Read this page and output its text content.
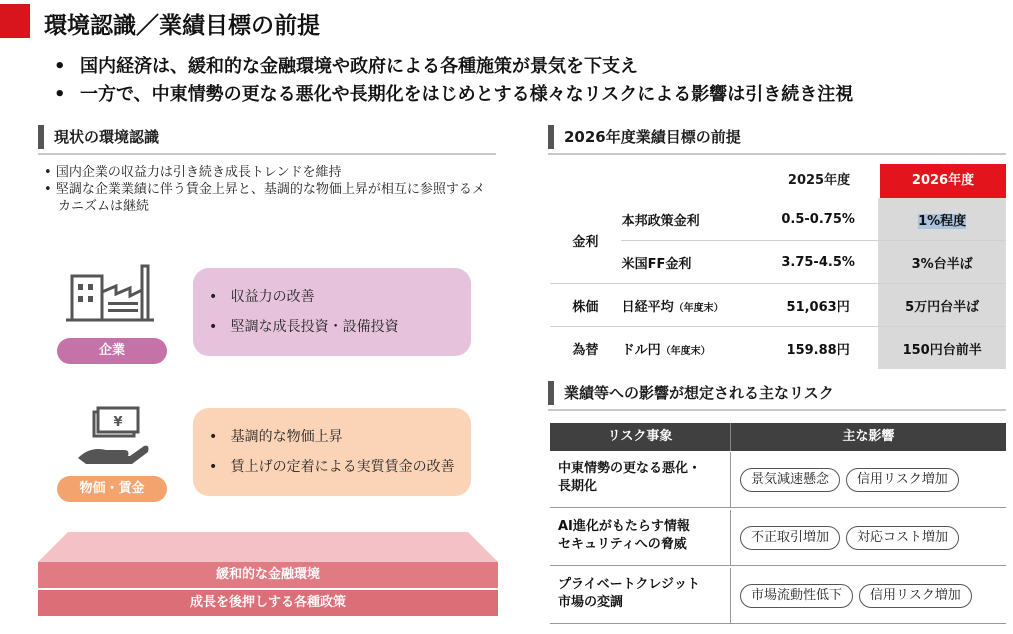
環境認識／業績目標の前提
• 国内経済は、緩和的な金融環境や政府による各種施策が景気を下支え
• 一方で、中東情勢の更なる悪化や長期化をはじめとする様々なリスクによる影響は引き続き注視
現状の環境認識
• 国内企業の収益力は引き続き成長トレンドを維持
• 堅調な企業業績に伴う賃金上昇と、基調的な物価上昇が相互に参照するメカニズムは継続
企業
•   収益力の改善
•   堅調な成長投資・設備投資
¥
物価・賃金
•   基調的な物価上昇
•   賃上げの定着による実質賃金の改善
緩和的な金融環境
成長を後押しする各種政策
2026年度業績目標の前提
2025年度	2026年度
金利	本邦政策金利	0.5-0.75%	1%程度
	米国FF金利	3.75-4.5%	3%台半ば
株価	日経平均（年度末）	51,063円	5万円台半ば
為替	ドル円（年度末）	159.88円	150円台前半
業績等への影響が想定される主なリスク
リスク事象	主な影響
中東情勢の更なる悪化・
長期化	景気減速懸念 信用リスク増加
AI進化がもたらす情報
セキュリティへの脅威	不正取引増加 対応コスト増加
プライベートクレジット
市場の変調	市場流動性低下 信用リスク増加
